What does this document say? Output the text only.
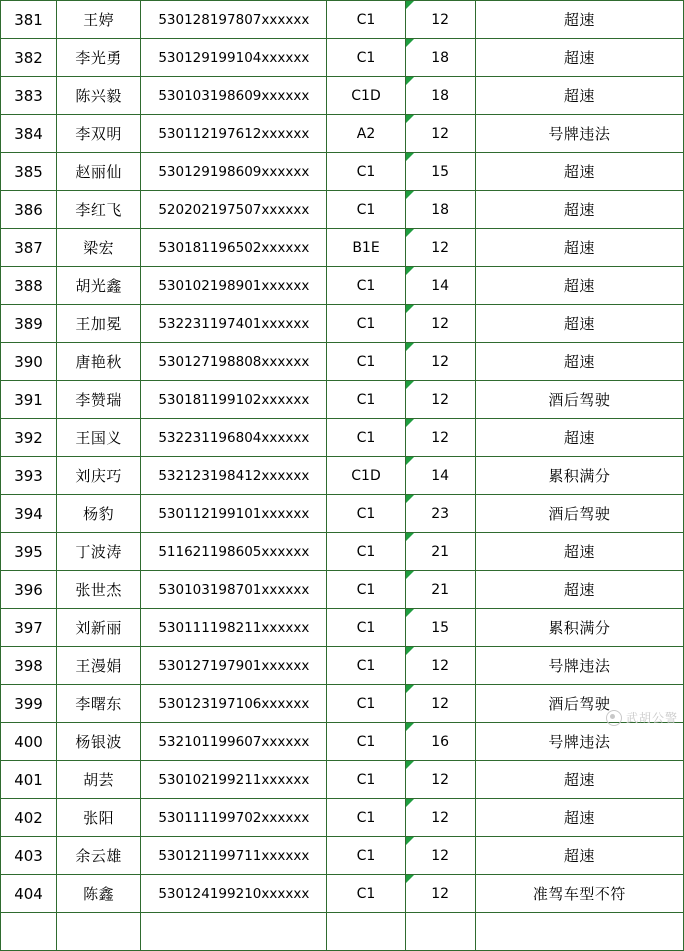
381	王婷	530128197807xxxxxx	C1	12	超速
382	李光勇	530129199104xxxxxx	C1	18	超速
383	陈兴毅	530103198609xxxxxx	C1D	18	超速
384	李双明	530112197612xxxxxx	A2	12	号牌违法
385	赵丽仙	530129198609xxxxxx	C1	15	超速
386	李红飞	520202197507xxxxxx	C1	18	超速
387	梁宏	530181196502xxxxxx	B1E	12	超速
388	胡光鑫	530102198901xxxxxx	C1	14	超速
389	王加冕	532231197401xxxxxx	C1	12	超速
390	唐艳秋	530127198808xxxxxx	C1	12	超速
391	李赞瑞	530181199102xxxxxx	C1	12	酒后驾驶
392	王国义	532231196804xxxxxx	C1	12	超速
393	刘庆巧	532123198412xxxxxx	C1D	14	累积满分
394	杨豹	530112199101xxxxxx	C1	23	酒后驾驶
395	丁波涛	511621198605xxxxxx	C1	21	超速
396	张世杰	530103198701xxxxxx	C1	21	超速
397	刘新丽	530111198211xxxxxx	C1	15	累积满分
398	王漫娟	530127197901xxxxxx	C1	12	号牌违法
399	李曙东	530123197106xxxxxx	C1	12	酒后驾驶
400	杨银波	532101199607xxxxxx	C1	16	号牌违法
401	胡芸	530102199211xxxxxx	C1	12	超速
402	张阳	530111199702xxxxxx	C1	12	超速
403	余云雄	530121199711xxxxxx	C1	12	超速
404	陈鑫	530124199210xxxxxx	C1	12	准驾车型不符

武胡公警
